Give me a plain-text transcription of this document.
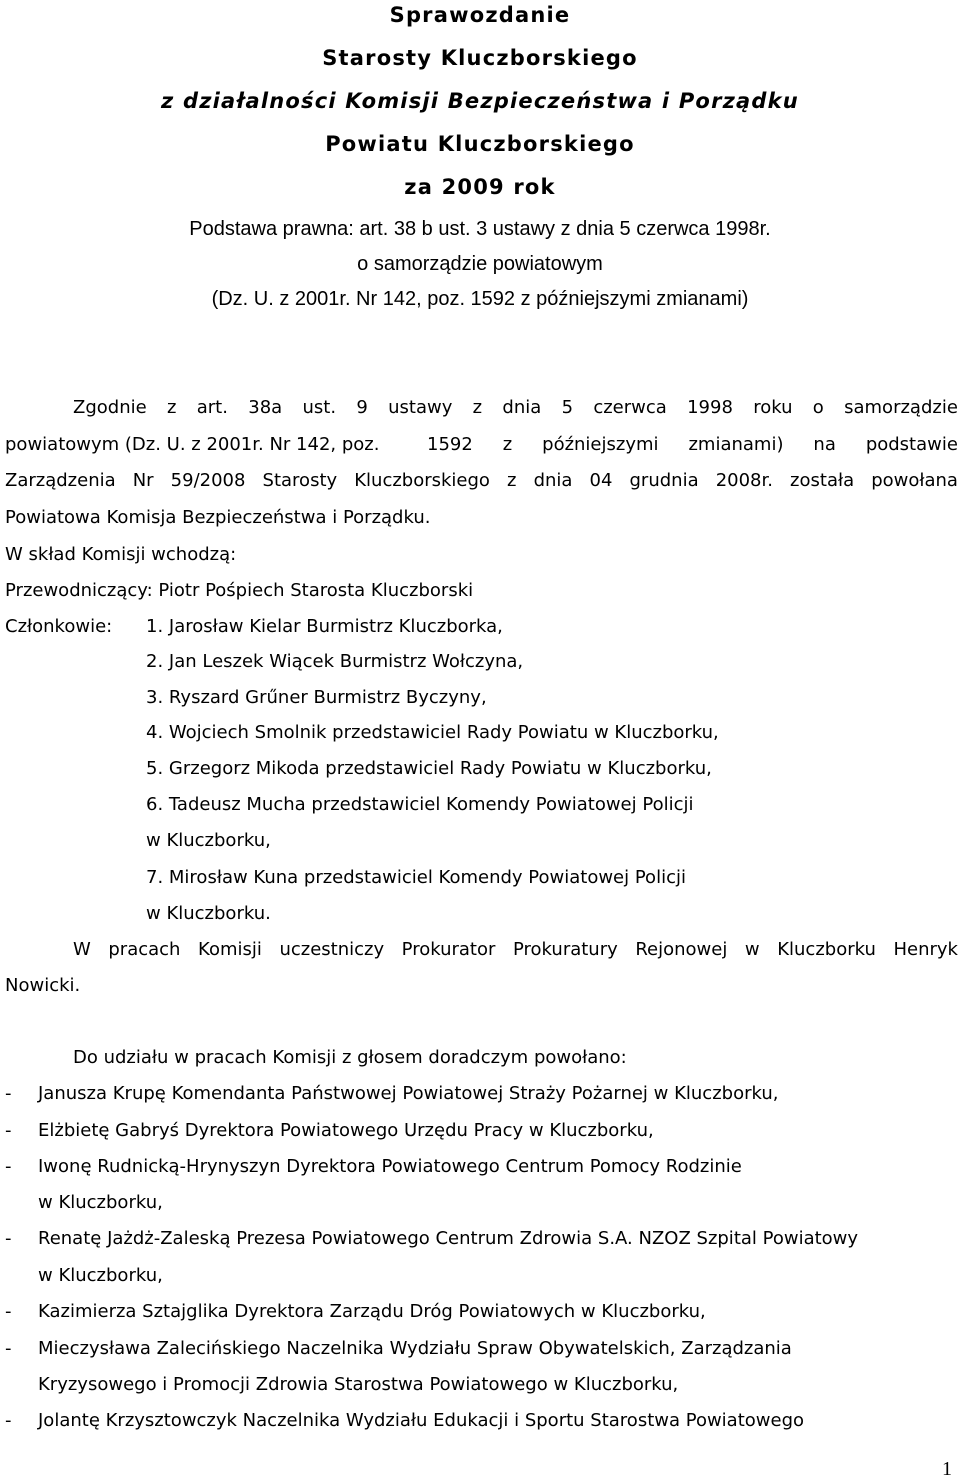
Sprawozdanie
Starosty Kluczborskiego
z działalności Komisji Bezpieczeństwa i Porządku
Powiatu Kluczborskiego
za 2009 rok
Podstawa prawna: art. 38 b ust. 3 ustawy z dnia 5 czerwca 1998r.
o samorządzie powiatowym
(Dz. U. z 2001r. Nr 142, poz. 1592 z późniejszymi zmianami)
Zgodnie z art. 38a ust. 9 ustawy z dnia 5 czerwca 1998 roku o samorządzie
powiatowym (Dz. U. z 2001r. Nr 142, poz.	1592 z późniejszymi zmianami) na podstawie
Zarządzenia Nr 59/2008 Starosty Kluczborskiego z dnia 04 grudnia 2008r. została powołana
Powiatowa Komisja Bezpieczeństwa i Porządku.
W skład Komisji wchodzą:
Przewodniczący: Piotr Pośpiech Starosta Kluczborski
Członkowie: 1. Jarosław Kielar Burmistrz Kluczborka,
2. Jan Leszek Wiącek Burmistrz Wołczyna,
3. Ryszard Grűner Burmistrz Byczyny,
4. Wojciech Smolnik przedstawiciel Rady Powiatu w Kluczborku,
5. Grzegorz Mikoda przedstawiciel Rady Powiatu w Kluczborku,
6. Tadeusz Mucha przedstawiciel Komendy Powiatowej Policji
w Kluczborku,
7. Mirosław Kuna przedstawiciel Komendy Powiatowej Policji
w Kluczborku.
W pracach Komisji uczestniczy Prokurator Prokuratury Rejonowej w Kluczborku Henryk
Nowicki.
Do udziału w pracach Komisji z głosem doradczym powołano:
- Janusza Krupę Komendanta Państwowej Powiatowej Straży Pożarnej w Kluczborku,
- Elżbietę Gabryś Dyrektora Powiatowego Urzędu Pracy w Kluczborku,
- Iwonę Rudnicką-Hrynyszyn Dyrektora Powiatowego Centrum Pomocy Rodzinie
w Kluczborku,
- Renatę Jażdż-Zaleską Prezesa Powiatowego Centrum Zdrowia S.A. NZOZ Szpital Powiatowy
w Kluczborku,
- Kazimierza Sztajglika Dyrektora Zarządu Dróg Powiatowych w Kluczborku,
- Mieczysława Zalecińskiego Naczelnika Wydziału Spraw Obywatelskich, Zarządzania
Kryzysowego i Promocji Zdrowia Starostwa Powiatowego w Kluczborku,
- Jolantę Krzysztowczyk Naczelnika Wydziału Edukacji i Sportu Starostwa Powiatowego
1
